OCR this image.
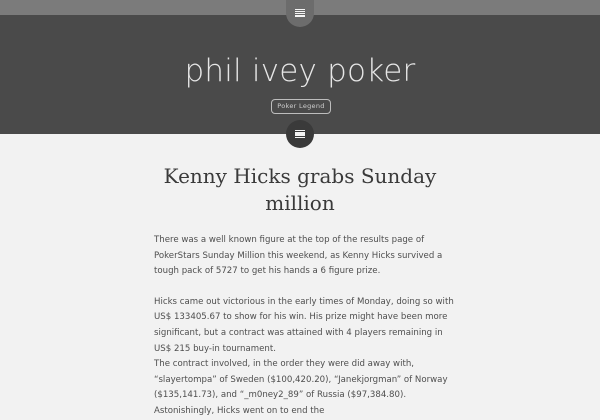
phil ivey poker
Poker Legend
Kenny Hicks grabs Sunday million

There was a well known figure at the top of the results page of PokerStars Sunday Million this weekend, as Kenny Hicks survived a tough pack of 5727 to get his hands a 6 figure prize.

Hicks came out victorious in the early times of Monday, doing so with US$ 133405.67 to show for his win. His prize might have been more significant, but a contract was attained with 4 players remaining in US$ 215 buy-in tournament.

The contract involved, in the order they were did away with, “slayertompa” of Sweden ($100,420.20), “Janekjorgman” of Norway ($135,141.73), and “_m0ney2_89” of Russia ($97,384.80). Astonishingly, Hicks went on to end the
